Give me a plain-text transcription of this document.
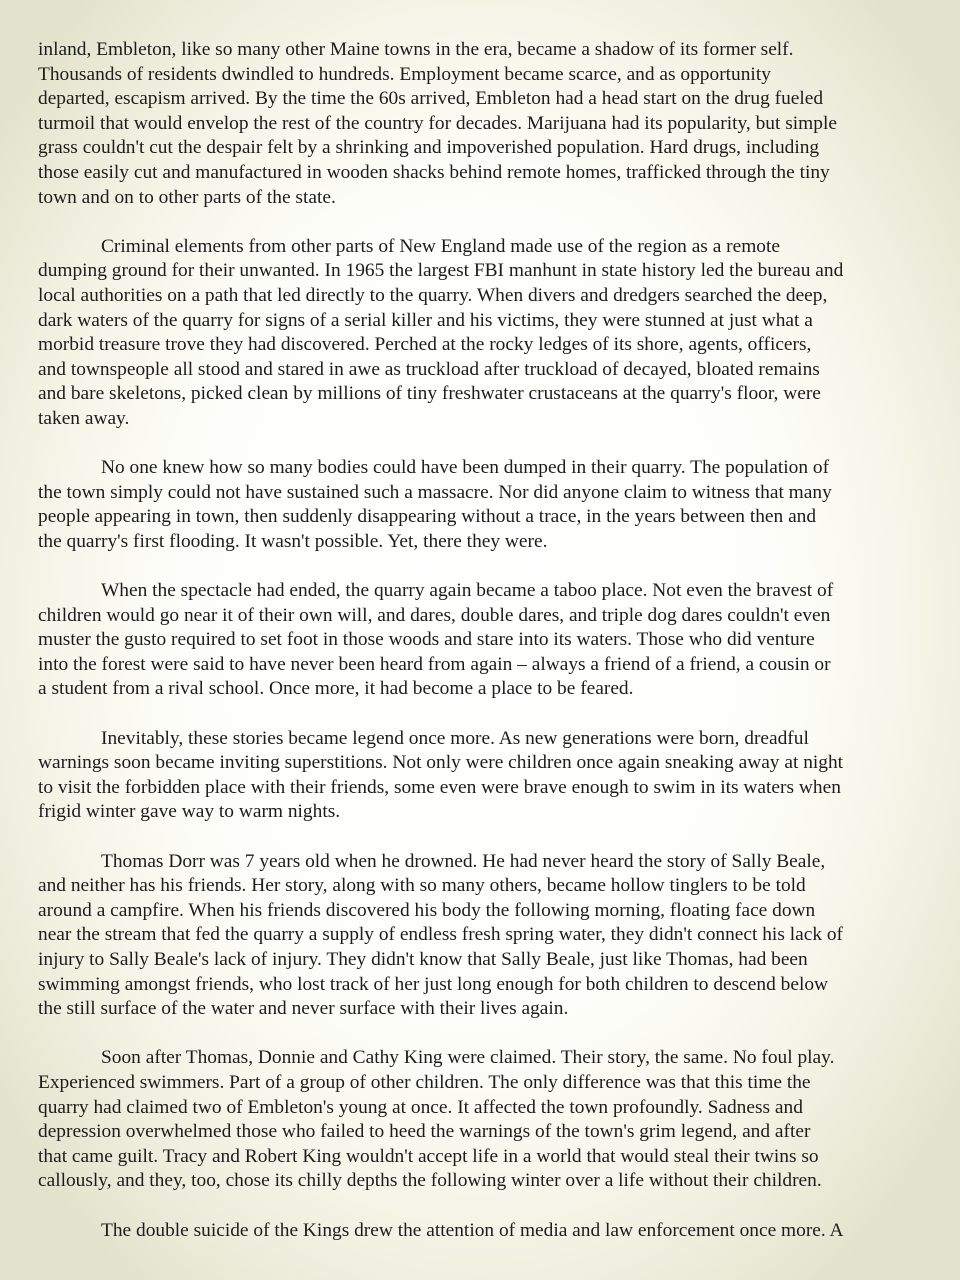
inland, Embleton, like so many other Maine towns in the era, became a shadow of its former self.
Thousands of residents dwindled to hundreds. Employment became scarce, and as opportunity
departed, escapism arrived. By the time the 60s arrived, Embleton had a head start on the drug fueled
turmoil that would envelop the rest of the country for decades. Marijuana had its popularity, but simple
grass couldn't cut the despair felt by a shrinking and impoverished population. Hard drugs, including
those easily cut and manufactured in wooden shacks behind remote homes, trafficked through the tiny
town and on to other parts of the state.

Criminal elements from other parts of New England made use of the region as a remote
dumping ground for their unwanted. In 1965 the largest FBI manhunt in state history led the bureau and
local authorities on a path that led directly to the quarry. When divers and dredgers searched the deep,
dark waters of the quarry for signs of a serial killer and his victims, they were stunned at just what a
morbid treasure trove they had discovered. Perched at the rocky ledges of its shore, agents, officers,
and townspeople all stood and stared in awe as truckload after truckload of decayed, bloated remains
and bare skeletons, picked clean by millions of tiny freshwater crustaceans at the quarry's floor, were
taken away.

No one knew how so many bodies could have been dumped in their quarry. The population of
the town simply could not have sustained such a massacre. Nor did anyone claim to witness that many
people appearing in town, then suddenly disappearing without a trace, in the years between then and
the quarry's first flooding. It wasn't possible. Yet, there they were.

When the spectacle had ended, the quarry again became a taboo place. Not even the bravest of
children would go near it of their own will, and dares, double dares, and triple dog dares couldn't even
muster the gusto required to set foot in those woods and stare into its waters. Those who did venture
into the forest were said to have never been heard from again – always a friend of a friend, a cousin or
a student from a rival school. Once more, it had become a place to be feared.

Inevitably, these stories became legend once more. As new generations were born, dreadful
warnings soon became inviting superstitions. Not only were children once again sneaking away at night
to visit the forbidden place with their friends, some even were brave enough to swim in its waters when
frigid winter gave way to warm nights.

Thomas Dorr was 7 years old when he drowned. He had never heard the story of Sally Beale,
and neither has his friends. Her story, along with so many others, became hollow tinglers to be told
around a campfire. When his friends discovered his body the following morning, floating face down
near the stream that fed the quarry a supply of endless fresh spring water, they didn't connect his lack of
injury to Sally Beale's lack of injury. They didn't know that Sally Beale, just like Thomas, had been
swimming amongst friends, who lost track of her just long enough for both children to descend below
the still surface of the water and never surface with their lives again.

Soon after Thomas, Donnie and Cathy King were claimed. Their story, the same. No foul play.
Experienced swimmers. Part of a group of other children. The only difference was that this time the
quarry had claimed two of Embleton's young at once. It affected the town profoundly. Sadness and
depression overwhelmed those who failed to heed the warnings of the town's grim legend, and after
that came guilt. Tracy and Robert King wouldn't accept life in a world that would steal their twins so
callously, and they, too, chose its chilly depths the following winter over a life without their children.

The double suicide of the Kings drew the attention of media and law enforcement once more. A
